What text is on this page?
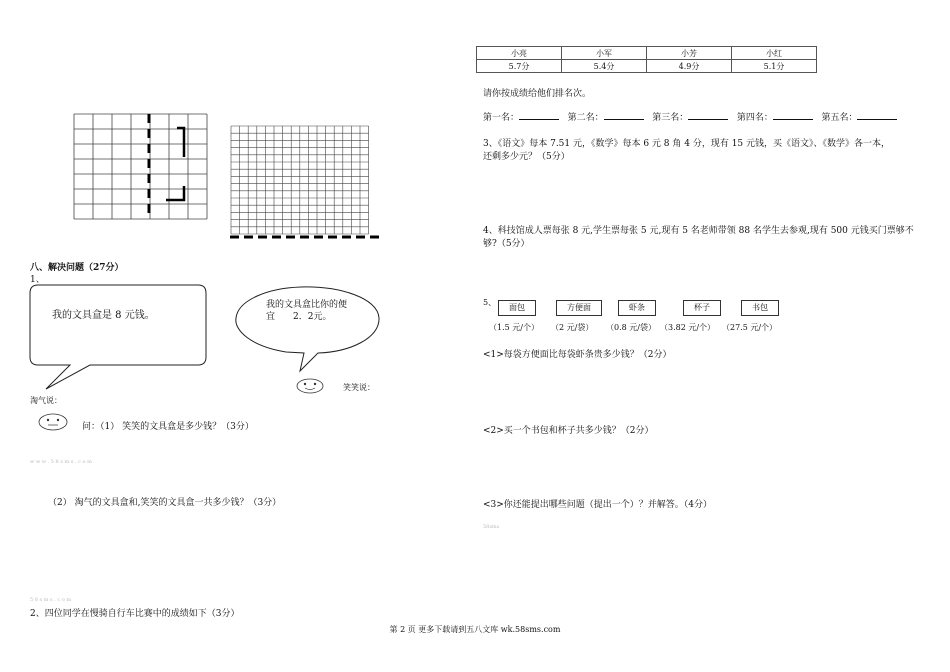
小亮	小军	小芳	小红
5.7分	5.4分	4.9分	5.1分
请你按成绩给他们排名次。
第一名：	第二名：	第三名：	第四名：	第五名：
3、《语文》每本 7.51 元，《数学》每本 6 元 8 角 4 分，现有 15 元钱，买《语文》、《数学》各一本，
还剩多少元？（5分）
4、科技馆成人票每张 8 元,学生票每张 5 元,现有 5 名老师带领 88 名学生去参观,现有 500 元钱买门票够不
够?（5分）
5、
面包	方便面	虾条	杯子	书包
（1.5 元/个） （2 元/袋） （0.8 元/袋） （3.82 元/个） （27.5 元/个）
<1>每袋方便面比每袋虾条贵多少钱？（2分）
<2>买一个书包和杯子共多少钱？（2分）
<3>你还能提出哪些问题（提出一个）？并解答。（4分）
58sms
八、解决问题（27分）
1、
我的文具盒是 8 元钱。
我的文具盒比你的便
宜　　2．2元。
笑笑说：
淘气说：
问：（1） 笑笑的文具盒是多少钱？（3分）
w w w . 5 8 s m s . c o m
（2） 淘气的文具盒和,笑笑的文具盒一共多少钱？（3分）
5 8 s m s . c o m
2、四位同学在慢骑自行车比赛中的成绩如下（3分）
第 2 页 更多下载请到五八文库 wk.58sms.com
